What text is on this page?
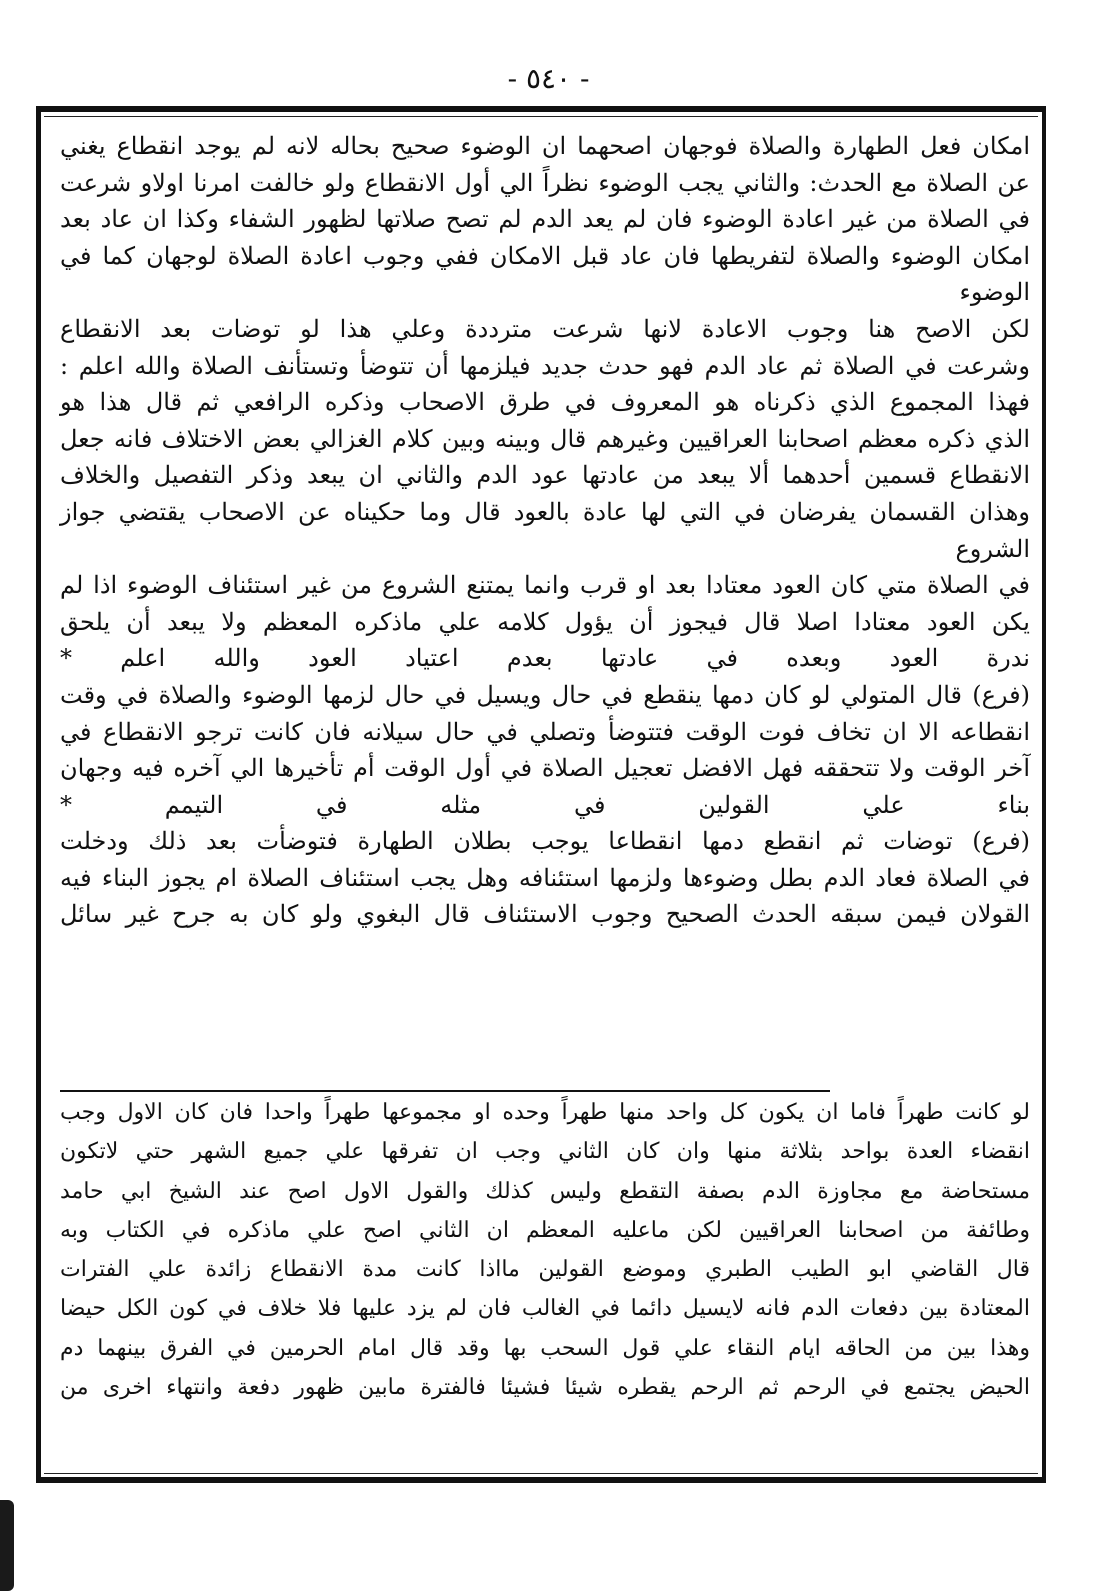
- ٥٤٠ -

امكان فعل الطهارة والصلاة فوجهان اصحهما ان الوضوء صحيح بحاله لانه لم يوجد انقطاع يغني

عن الصلاة مع الحدث: والثاني يجب الوضوء نظراً الي أول الانقطاع ولو خالفت امرنا اولاو شرعت

في الصلاة من غير اعادة الوضوء فان لم يعد الدم لم تصح صلاتها لظهور الشفاء وكذا ان عاد بعد

امكان الوضوء والصلاة لتفريطها فان عاد قبل الامكان ففي وجوب اعادة الصلاة لوجهان كما في الوضوء

لكن الاصح هنا وجوب الاعادة لانها شرعت مترددة وعلي هذا لو توضات بعد الانقطاع

وشرعت في الصلاة ثم عاد الدم فهو حدث جديد فيلزمها أن تتوضأ وتستأنف الصلاة والله اعلم :

فهذا المجموع الذي ذكرناه هو المعروف في طرق الاصحاب وذكره الرافعي ثم قال هذا هو

الذي ذكره معظم اصحابنا العراقيين وغيرهم قال وبينه وبين كلام الغزالي بعض الاختلاف فانه جعل

الانقطاع قسمين أحدهما ألا يبعد من عادتها عود الدم والثاني ان يبعد وذكر التفصيل والخلاف

وهذان القسمان يفرضان في التي لها عادة بالعود قال وما حكيناه عن الاصحاب يقتضي جواز الشروع

في الصلاة متي كان العود معتادا بعد او قرب وانما يمتنع الشروع من غير استئناف الوضوء اذا لم

يكن العود معتادا اصلا قال فيجوز أن يؤول كلامه علي ماذكره المعظم ولا يبعد أن يلحق

ندرة العود وبعده في عادتها بعدم اعتياد العود والله اعلم *

(فرع) قال المتولي لو كان دمها ينقطع في حال ويسيل في حال لزمها الوضوء والصلاة في وقت

انقطاعه الا ان تخاف فوت الوقت فتتوضأ وتصلي في حال سيلانه فان كانت ترجو الانقطاع في

آخر الوقت ولا تتحققه فهل الافضل تعجيل الصلاة في أول الوقت أم تأخيرها الي آخره فيه وجهان

بناء علي القولين في مثله في التيمم *

(فرع) توضات ثم انقطع دمها انقطاعا يوجب بطلان الطهارة فتوضأت بعد ذلك ودخلت

في الصلاة فعاد الدم بطل وضوءها ولزمها استئنافه وهل يجب استئناف الصلاة ام يجوز البناء فيه

القولان فيمن سبقه الحدث الصحيح وجوب الاستئناف قال البغوي ولو كان به جرح غير سائل

لو كانت طهراً فاما ان يكون كل واحد منها طهراً وحده او مجموعها طهراً واحدا فان كان الاول وجب

انقضاء العدة بواحد بثلاثة منها وان كان الثاني وجب ان تفرقها علي جميع الشهر حتي لاتكون

مستحاضة مع مجاوزة الدم بصفة التقطع وليس كذلك والقول الاول اصح عند الشيخ ابي حامد

وطائفة من اصحابنا العراقيين لكن ماعليه المعظم ان الثاني اصح علي ماذكره في الكتاب وبه

قال القاضي ابو الطيب الطبري وموضع القولين مااذا كانت مدة الانقطاع زائدة علي الفترات

المعتادة بين دفعات الدم فانه لايسيل دائما في الغالب فان لم يزد عليها فلا خلاف في كون الكل حيضا

وهذا بين من الحاقه ايام النقاء علي قول السحب بها وقد قال امام الحرمين في الفرق بينهما دم

الحيض يجتمع في الرحم ثم الرحم يقطره شيئا فشيئا فالفترة مابين ظهور دفعة وانتهاء اخرى من
